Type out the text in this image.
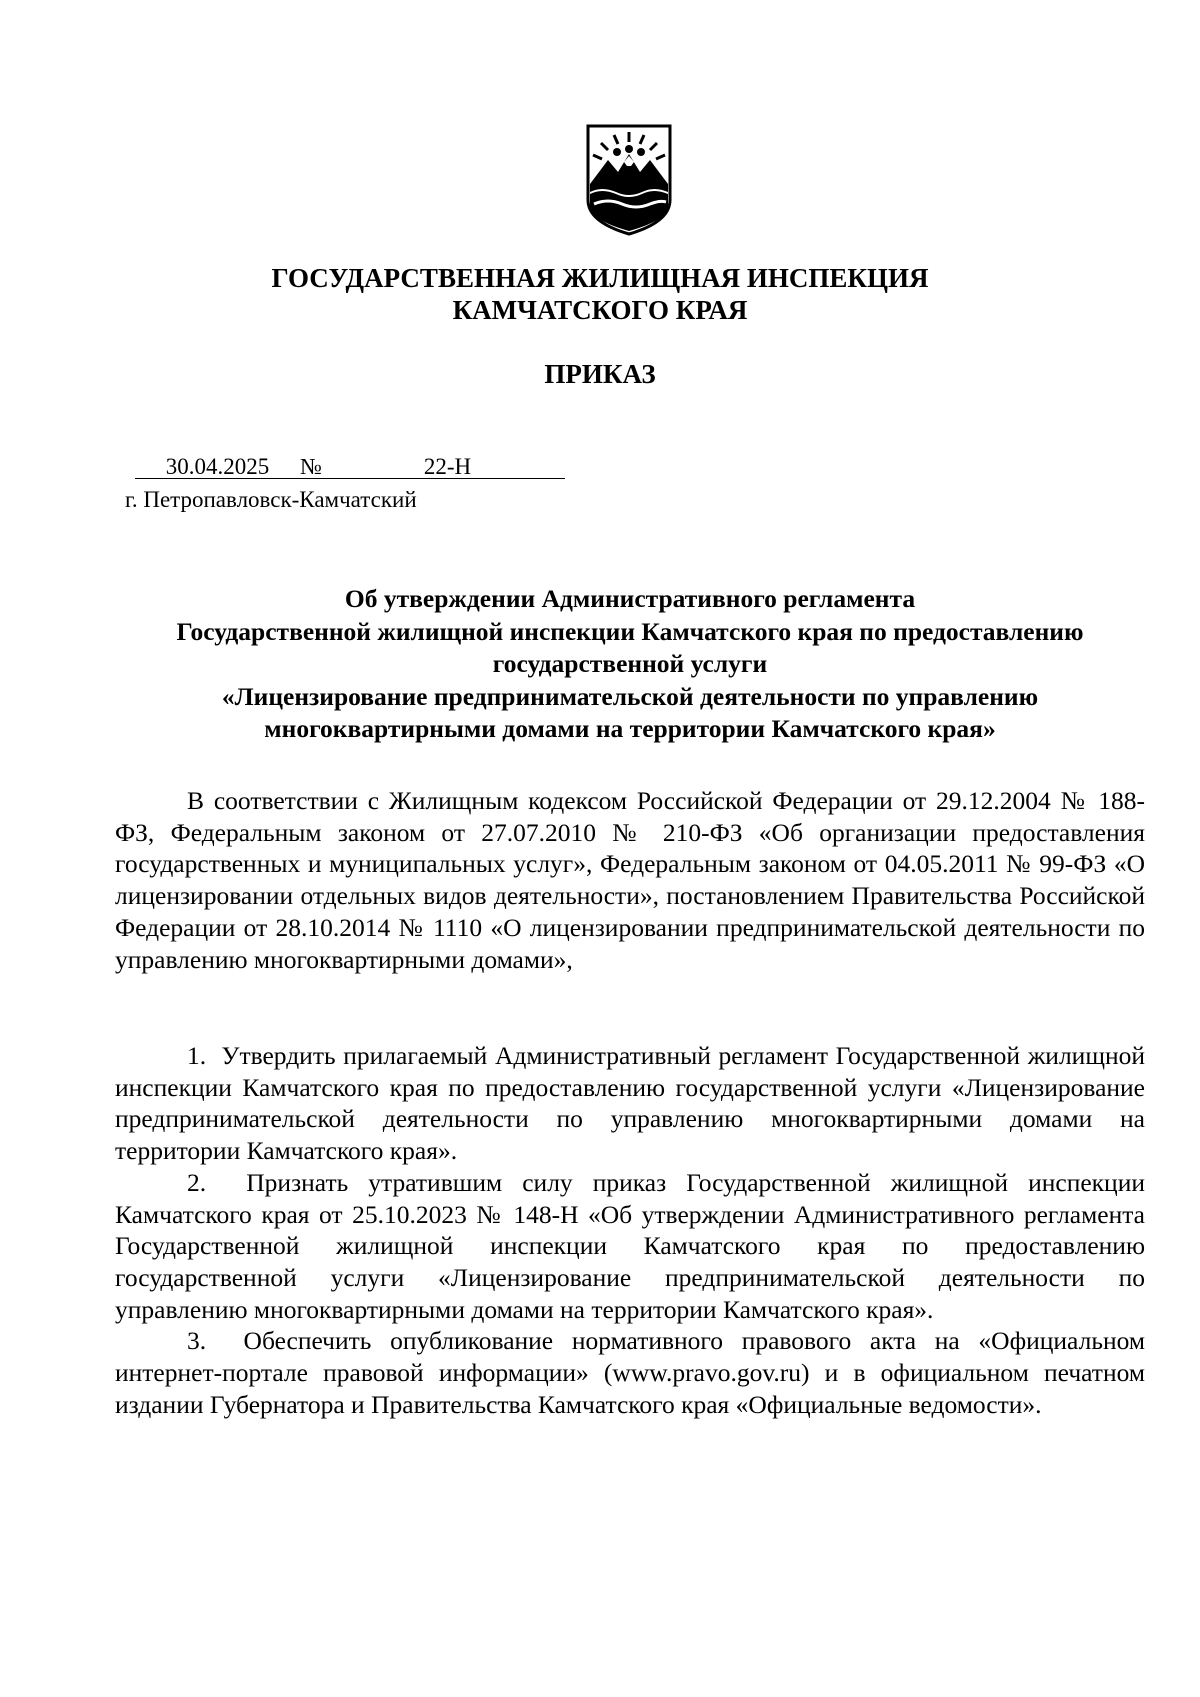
ГОСУДАРСТВЕННАЯ ЖИЛИЩНАЯ ИНСПЕКЦИЯ
КАМЧАТСКОГО КРАЯ
ПРИКАЗ
30.04.2025 №	22-Н
г. Петропавловск-Камчатский
Об утверждении Административного регламента
Государственной жилищной инспекции Камчатского края по предоставлению
государственной услуги
«Лицензирование предпринимательской деятельности по управлению
многоквартирными домами на территории Камчатского края»

В соответствии с Жилищным кодексом Российской Федерации от 29.12.2004 № 188-ФЗ, Федеральным законом от 27.07.2010 № 210-ФЗ «Об организации предоставления государственных и муниципальных услуг», Федеральным законом от 04.05.2011 № 99-ФЗ «О лицензировании отдельных видов деятельности», постановлением Правительства Российской Федерации от 28.10.2014 № 1110 «О лицензировании предпринимательской деятельности по управлению многоквартирными домами»,

1. Утвердить прилагаемый Административный регламент Государственной жилищной инспекции Камчатского края по предоставлению государственной услуги «Лицензирование предпринимательской деятельности по управлению многоквартирными домами на территории Камчатского края».

2. Признать утратившим силу приказ Государственной жилищной инспекции Камчатского края от 25.10.2023 № 148-Н «Об утверждении Административного регламента Государственной жилищной инспекции Камчатского края по предоставлению государственной услуги «Лицензирование предпринимательской деятельности по управлению многоквартирными домами на территории Камчатского края».

3. Обеспечить опубликование нормативного правового акта на «Официальном интернет-портале правовой информации» (www.pravo.gov.ru) и в официальном печатном издании Губернатора и Правительства Камчатского края «Официальные ведомости».
